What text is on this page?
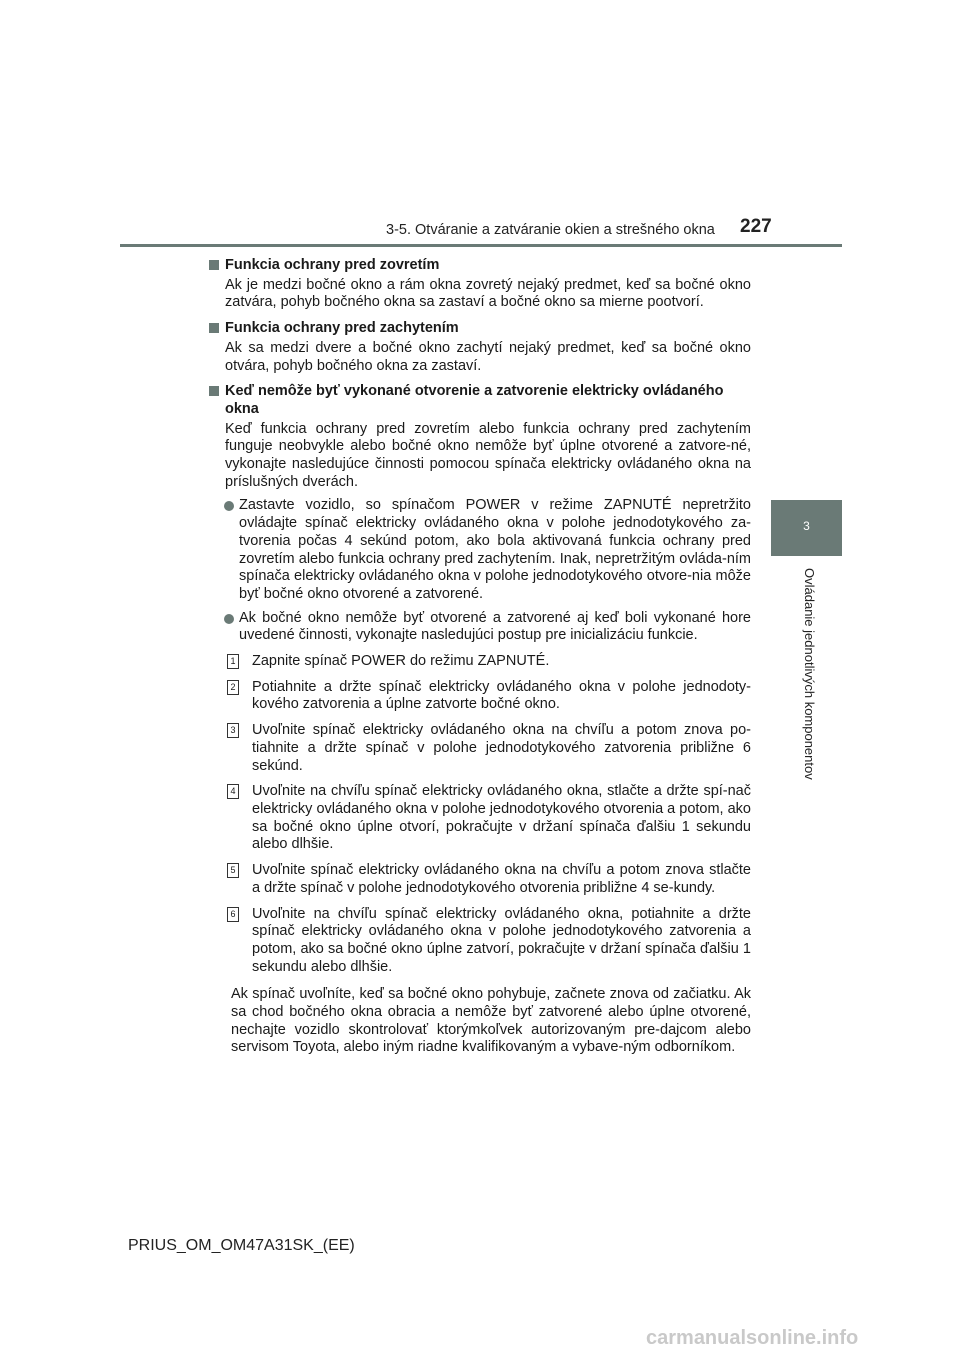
3-5. Otváranie a zatváranie okien a strešného okna 227
3
Ovládanie jednotlivých komponentov
Funkcia ochrany pred zovretím
Ak je medzi bočné okno a rám okna zovretý nejaký predmet, keď sa bočné okno zatvára, pohyb bočného okna sa zastaví a bočné okno sa mierne pootvorí.
Funkcia ochrany pred zachytením
Ak sa medzi dvere a bočné okno zachytí nejaký predmet, keď sa bočné okno otvára, pohyb bočného okna za zastaví.
Keď nemôže byť vykonané otvorenie a zatvorenie elektricky ovládaného okna
Keď funkcia ochrany pred zovretím alebo funkcia ochrany pred zachytením funguje neobvykle alebo bočné okno nemôže byť úplne otvorené a zatvore-né, vykonajte nasledujúce činnosti pomocou spínača elektricky ovládaného okna na príslušných dverách.
Zastavte vozidlo, so spínačom POWER v režime ZAPNUTÉ nepretržito ovládajte spínač elektricky ovládaného okna v polohe jednodotykového za-tvorenia počas 4 sekúnd potom, ako bola aktivovaná funkcia ochrany pred zovretím alebo funkcia ochrany pred zachytením. Inak, nepretržitým ovláda-ním spínača elektricky ovládaného okna v polohe jednodotykového otvore-nia môže byť bočné okno otvorené a zatvorené.
Ak bočné okno nemôže byť otvorené a zatvorené aj keď boli vykonané hore uvedené činnosti, vykonajte nasledujúci postup pre inicializáciu funkcie.
1 Zapnite spínač POWER do režimu ZAPNUTÉ.
2 Potiahnite a držte spínač elektricky ovládaného okna v polohe jednodoty-kového zatvorenia a úplne zatvorte bočné okno.
3 Uvoľnite spínač elektricky ovládaného okna na chvíľu a potom znova po-tiahnite a držte spínač v polohe jednodotykového zatvorenia približne 6 sekúnd.
4 Uvoľnite na chvíľu spínač elektricky ovládaného okna, stlačte a držte spí-nač elektricky ovládaného okna v polohe jednodotykového otvorenia a potom, ako sa bočné okno úplne otvorí, pokračujte v držaní spínača ďalšiu 1 sekundu alebo dlhšie.
5 Uvoľnite spínač elektricky ovládaného okna na chvíľu a potom znova stlačte a držte spínač v polohe jednodotykového otvorenia približne 4 se-kundy.
6 Uvoľnite na chvíľu spínač elektricky ovládaného okna, potiahnite a držte spínač elektricky ovládaného okna v polohe jednodotykového zatvorenia a potom, ako sa bočné okno úplne zatvorí, pokračujte v držaní spínača ďalšiu 1 sekundu alebo dlhšie.
Ak spínač uvoľníte, keď sa bočné okno pohybuje, začnete znova od začiatku. Ak sa chod bočného okna obracia a nemôže byť zatvorené alebo úplne otvorené, nechajte vozidlo skontrolovať ktorýmkoľvek autorizovaným pre-dajcom alebo servisom Toyota, alebo iným riadne kvalifikovaným a vybave-ným odborníkom.
PRIUS_OM_OM47A31SK_(EE)
carmanualsonline.info
